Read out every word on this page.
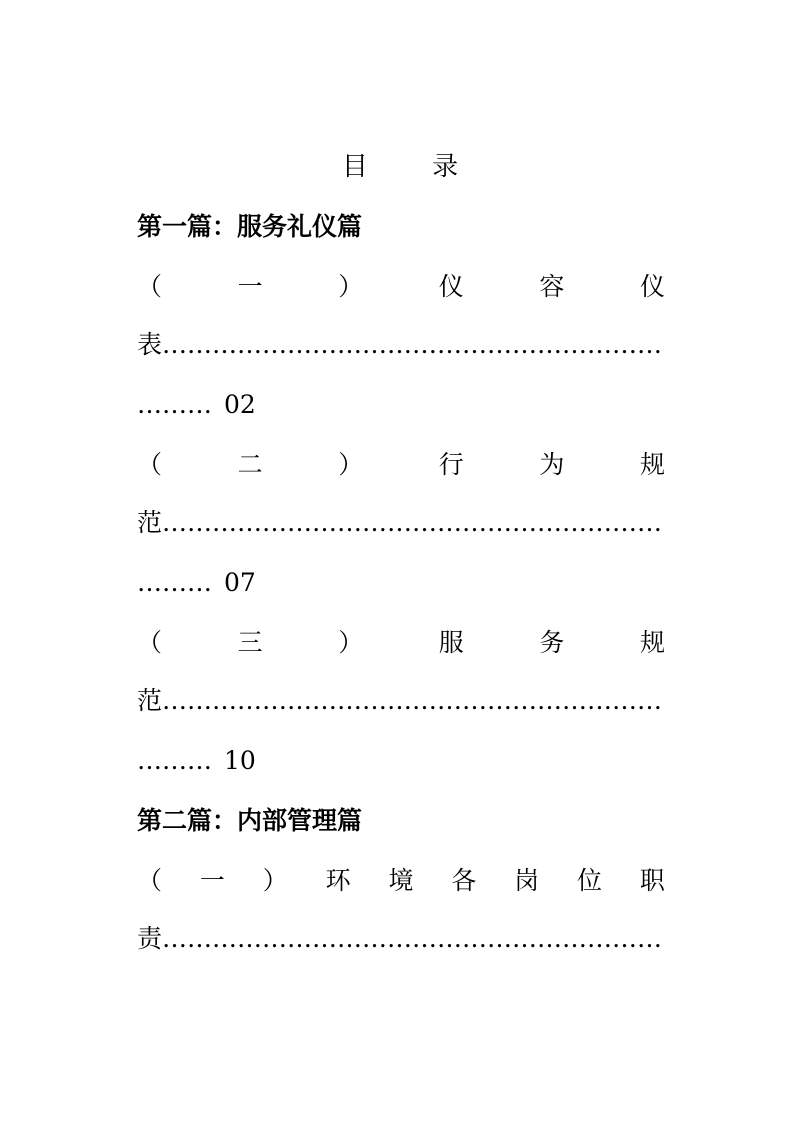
目 录
第一篇：服务礼仪篇
（	一	）	仪	容	仪
表 ……………………………………………………
……… 02
（	二	）	行	为	规
范 ……………………………………………………
……… 07
（	三	）	服	务	规
范 ……………………………………………………
……… 10
第二篇：内部管理篇
（ 一 ） 环 境 各 岗 位 职
责 ……………………………………………………
